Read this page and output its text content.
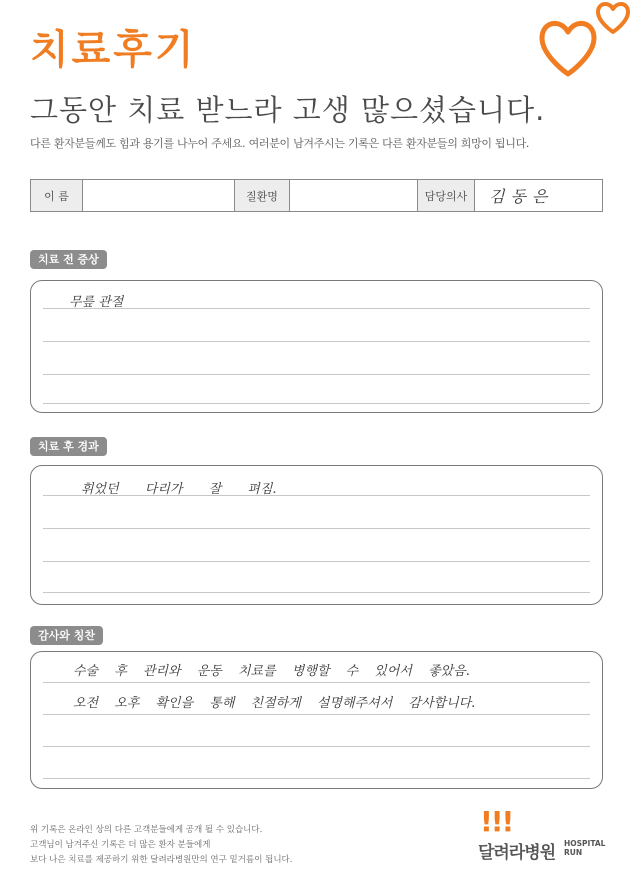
치료후기
그동안 치료 받느라 고생 많으셨습니다.
다른 환자분들께도 힘과 용기를 나누어 주세요. 여러분이 남겨주시는 기록은 다른 환자분들의 희망이 됩니다.
이 름	질환명	담당의사	김동은
치료 전 증상
무릎 관절
치료 후 경과
휘었던 다리가 잘 펴짐.
감사와 칭찬
수술 후 관리와 운동 치료를 병행할 수 있어서 좋았음.
오전 오후 확인을 통해 친절하게 설명해주셔서 감사합니다.
위 기록은 온라인 상의 다른 고객분들에게 공개 될 수 있습니다.
고객님이 남겨주신 기록은 더 많은 환자 분들에게
보다 나은 치료를 제공하기 위한 달려라병원만의 연구 밑거름이 됩니다.
!!!
달려라병원 HOSPITAL
RUN
